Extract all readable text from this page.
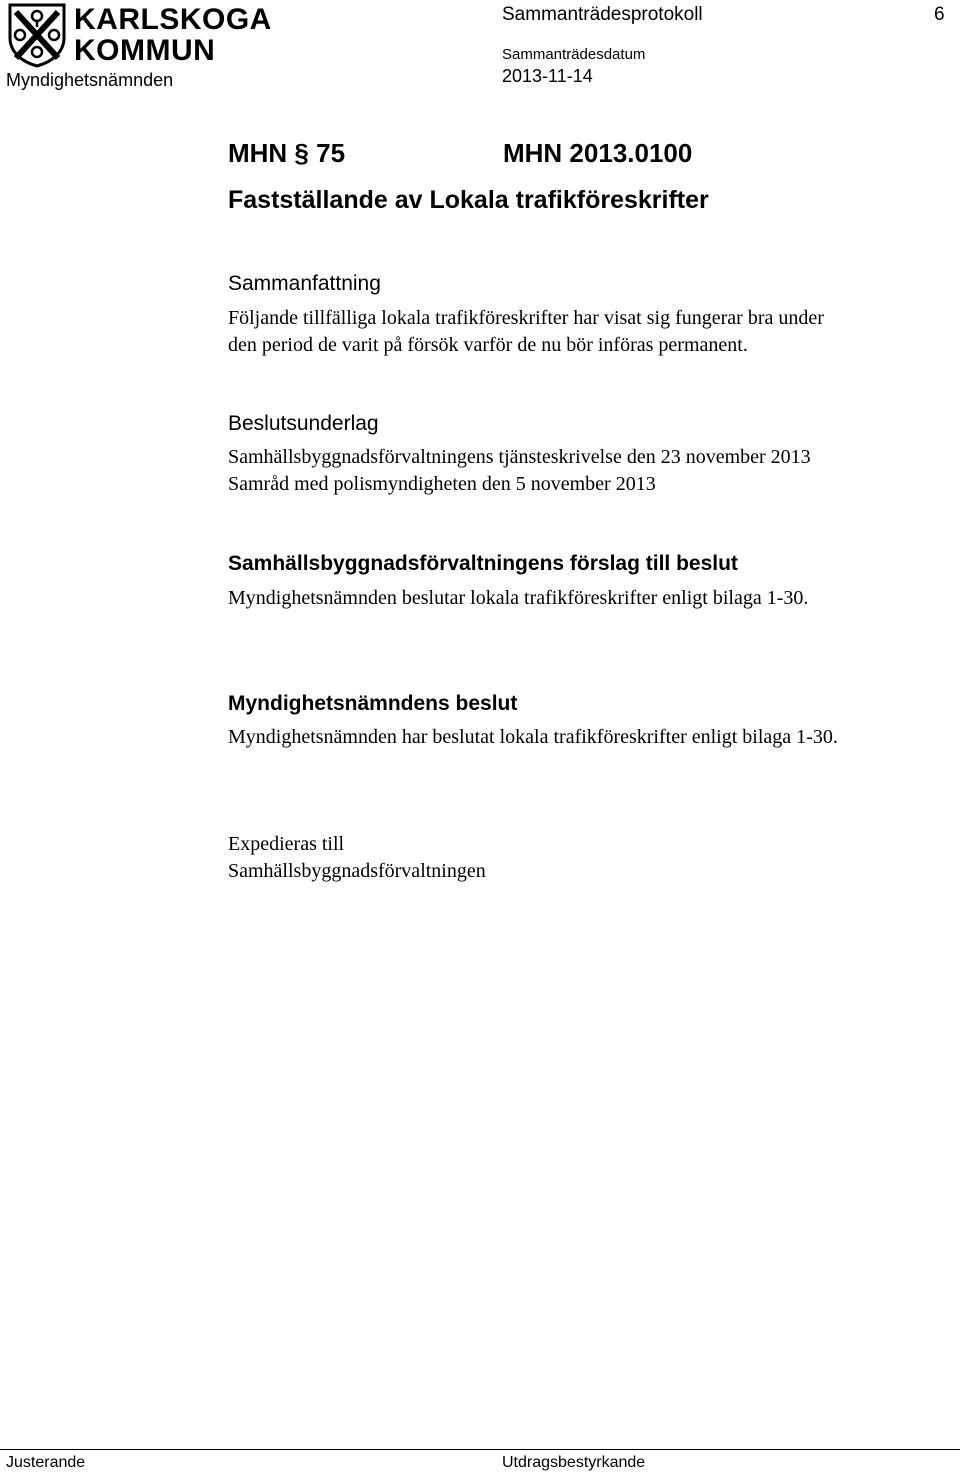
KARLSKOGA
KOMMUN
Myndighetsnämnden
Sammanträdesprotokoll	6
Sammanträdesdatum
2013-11-14
MHN § 75	MHN 2013.0100
Fastställande av Lokala trafikföreskrifter
Sammanfattning

Följande tillfälliga lokala trafikföreskrifter har visat sig fungerar bra under

den period de varit på försök varför de nu bör införas permanent.

Beslutsunderlag

Samhällsbyggnadsförvaltningens tjänsteskrivelse den 23 november 2013

Samråd med polismyndigheten den 5 november 2013

Samhällsbyggnadsförvaltningens förslag till beslut

Myndighetsnämnden beslutar lokala trafikföreskrifter enligt bilaga 1-30.

Myndighetsnämndens beslut

Myndighetsnämnden har beslutat lokala trafikföreskrifter enligt bilaga 1-30.

Expedieras till

Samhällsbyggnadsförvaltningen

Justerande	Utdragsbestyrkande
